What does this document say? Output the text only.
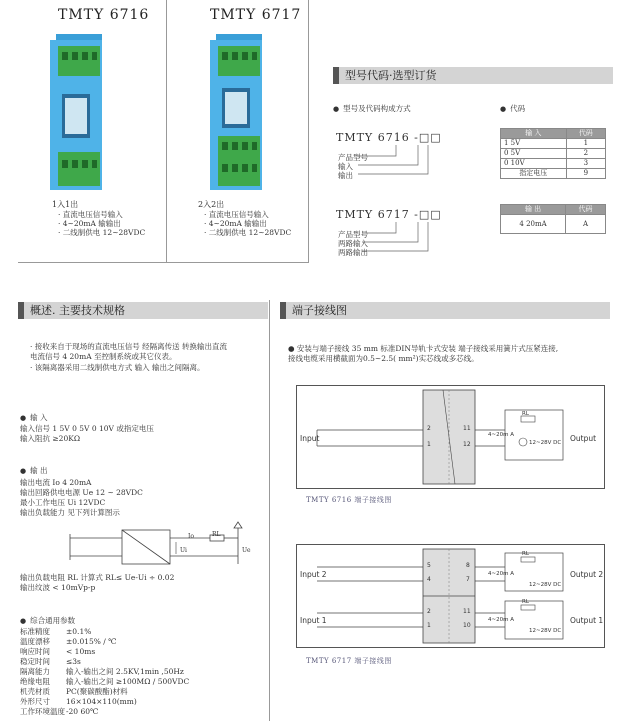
TMTY 6716
1入1出
· 直流电压信号输入
· 4~20mA 输输出
· 二线制供电 12~28VDC
TMTY 6717
2入2出
· 直流电压信号输入
· 4~20mA 输输出
· 二线制供电 12~28VDC
型号代码·选型订货
● 型号及代码构成方式	● 代码
TMTY 6716 -□□
产品型号
输入
输出
TMTY 6717 -□□
产品型号
两路输入
两路输出
输 入	代码
1 5V	1
0 5V	2
0 10V	3
指定电压	9
输 出	代码
4 20mA	A
概述. 主要技术规格
· 接收来自于现场的直流电压信号 经隔离传送 转换输出直流
电流信号 4 20mA 至控制系统或其它仪表。
· 该隔离器采用二线制供电方式 输入 输出之间隔离。
● 输 入
输入信号 1 5V 0 5V 0 10V 或指定电压
输入阻抗 ≥20KΩ
● 输 出
输出电流 Io 4 20mA
输出回路供电电源 Ue 12 ~ 28VDC
最小工作电压 Ui 12VDC
输出负载能力 见下列计算图示
Io
Ui
RL
Ue
输出负载电阻 RL 计算式 RL≤ Ue-Ui ÷ 0.02
输出纹波 < 10mVp-p
● 综合通用参数
标准精度 ±0.1%
温度漂移 ±0.015% / ℃
响应时间 < 10ms
稳定时间 ≤3s
隔离能力 输入-输出之间 2.5KV,1min ,50Hz
绝缘电阻 输入-输出之间 ≥100MΩ / 500VDC
机壳材质 PC(聚碳酸酯)材料
外形尺寸 16×104×110(mm)
工作环境温度 -20 60℃
端子接线图
● 安装与端子接线 35 mm 标准DIN导轨卡式安装 端子接线采用簧片式压紧连接,
接线电缆采用横截面为0.5~2.5( mm²)实芯线或多芯线。
Input	Output
2
1
11
12
4~20m A
RL
12~28V DC
TMTY 6716 端子接线图
Input 2
Input 1
Output 2
Output 1
5
4
8
7
2
1
11
10
4~20m A
4~20m A
RL
RL
12~28V DC
12~28V DC
TMTY 6717 端子接线图
